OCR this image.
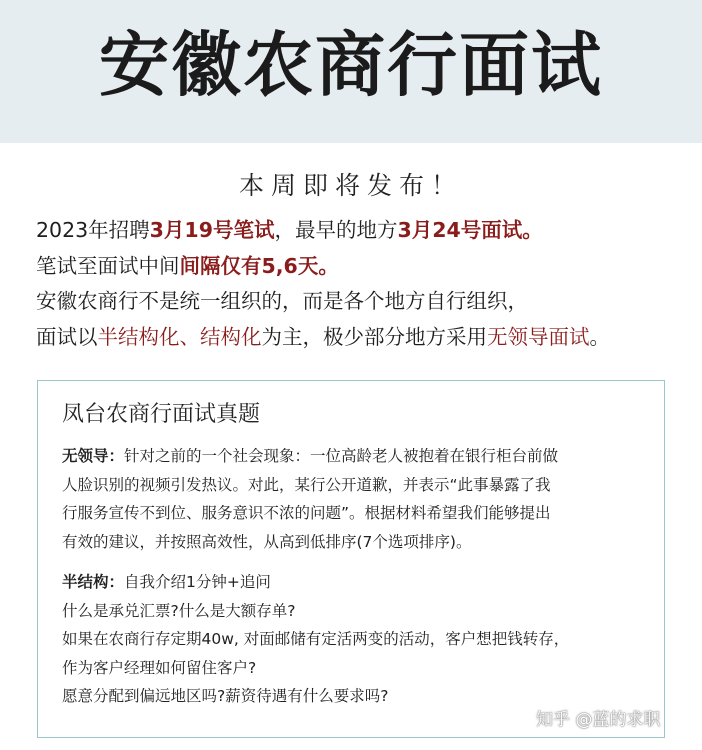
安徽农商行面试
本周即将发布！
2023年招聘3月19号笔试，最早的地方3月24号面试。
笔试至面试中间间隔仅有5,6天。
安徽农商行不是统一组织的，而是各个地方自行组织，
面试以半结构化、结构化为主，极少部分地方采用无领导面试。
凤台农商行面试真题
无领导：针对之前的一个社会现象：一位高龄老人被抱着在银行柜台前做
人脸识别的视频引发热议。对此，某行公开道歉，并表示“此事暴露了我
行服务宣传不到位、服务意识不浓的问题”。根据材料希望我们能够提出
有效的建议，并按照高效性，从高到低排序(7个选项排序)。
半结构：自我介绍1分钟+追问
什么是承兑汇票?什么是大额存单?
如果在农商行存定期40w, 对面邮储有定活两变的活动，客户想把钱转存，
作为客户经理如何留住客户?
愿意分配到偏远地区吗?薪资待遇有什么要求吗?
知乎 @蓝的求职
